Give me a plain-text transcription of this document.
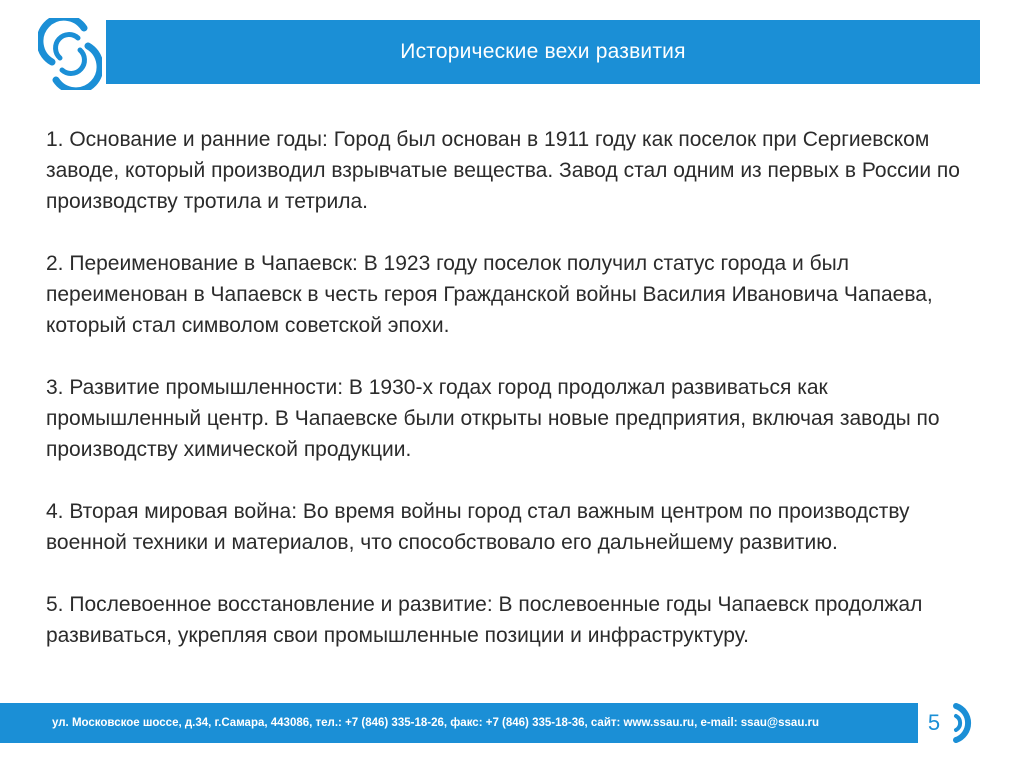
Исторические вехи развития

1. Основание и ранние годы: Город был основан в 1911 году как поселок при Сергиевском заводе, который производил взрывчатые вещества. Завод стал одним из первых в России по производству тротила и тетрила.

2. Переименование в Чапаевск: В 1923 году поселок получил статус города и был переименован в Чапаевск в честь героя Гражданской войны Василия Ивановича Чапаева, который стал символом советской эпохи.

3. Развитие промышленности: В 1930-х годах город продолжал развиваться как промышленный центр. В Чапаевске были открыты новые предприятия, включая заводы по производству химической продукции.

4. Вторая мировая война: Во время войны город стал важным центром по производству военной техники и материалов, что способствовало его дальнейшему развитию.

5. Послевоенное восстановление и развитие: В послевоенные годы Чапаевск продолжал развиваться, укрепляя свои промышленные позиции и инфраструктуру.

ул. Московское шоссе, д.34, г.Самара, 443086, тел.: +7 (846) 335-18-26, факс: +7 (846) 335-18-36, сайт: www.ssau.ru, e-mail: ssau@ssau.ru	5
